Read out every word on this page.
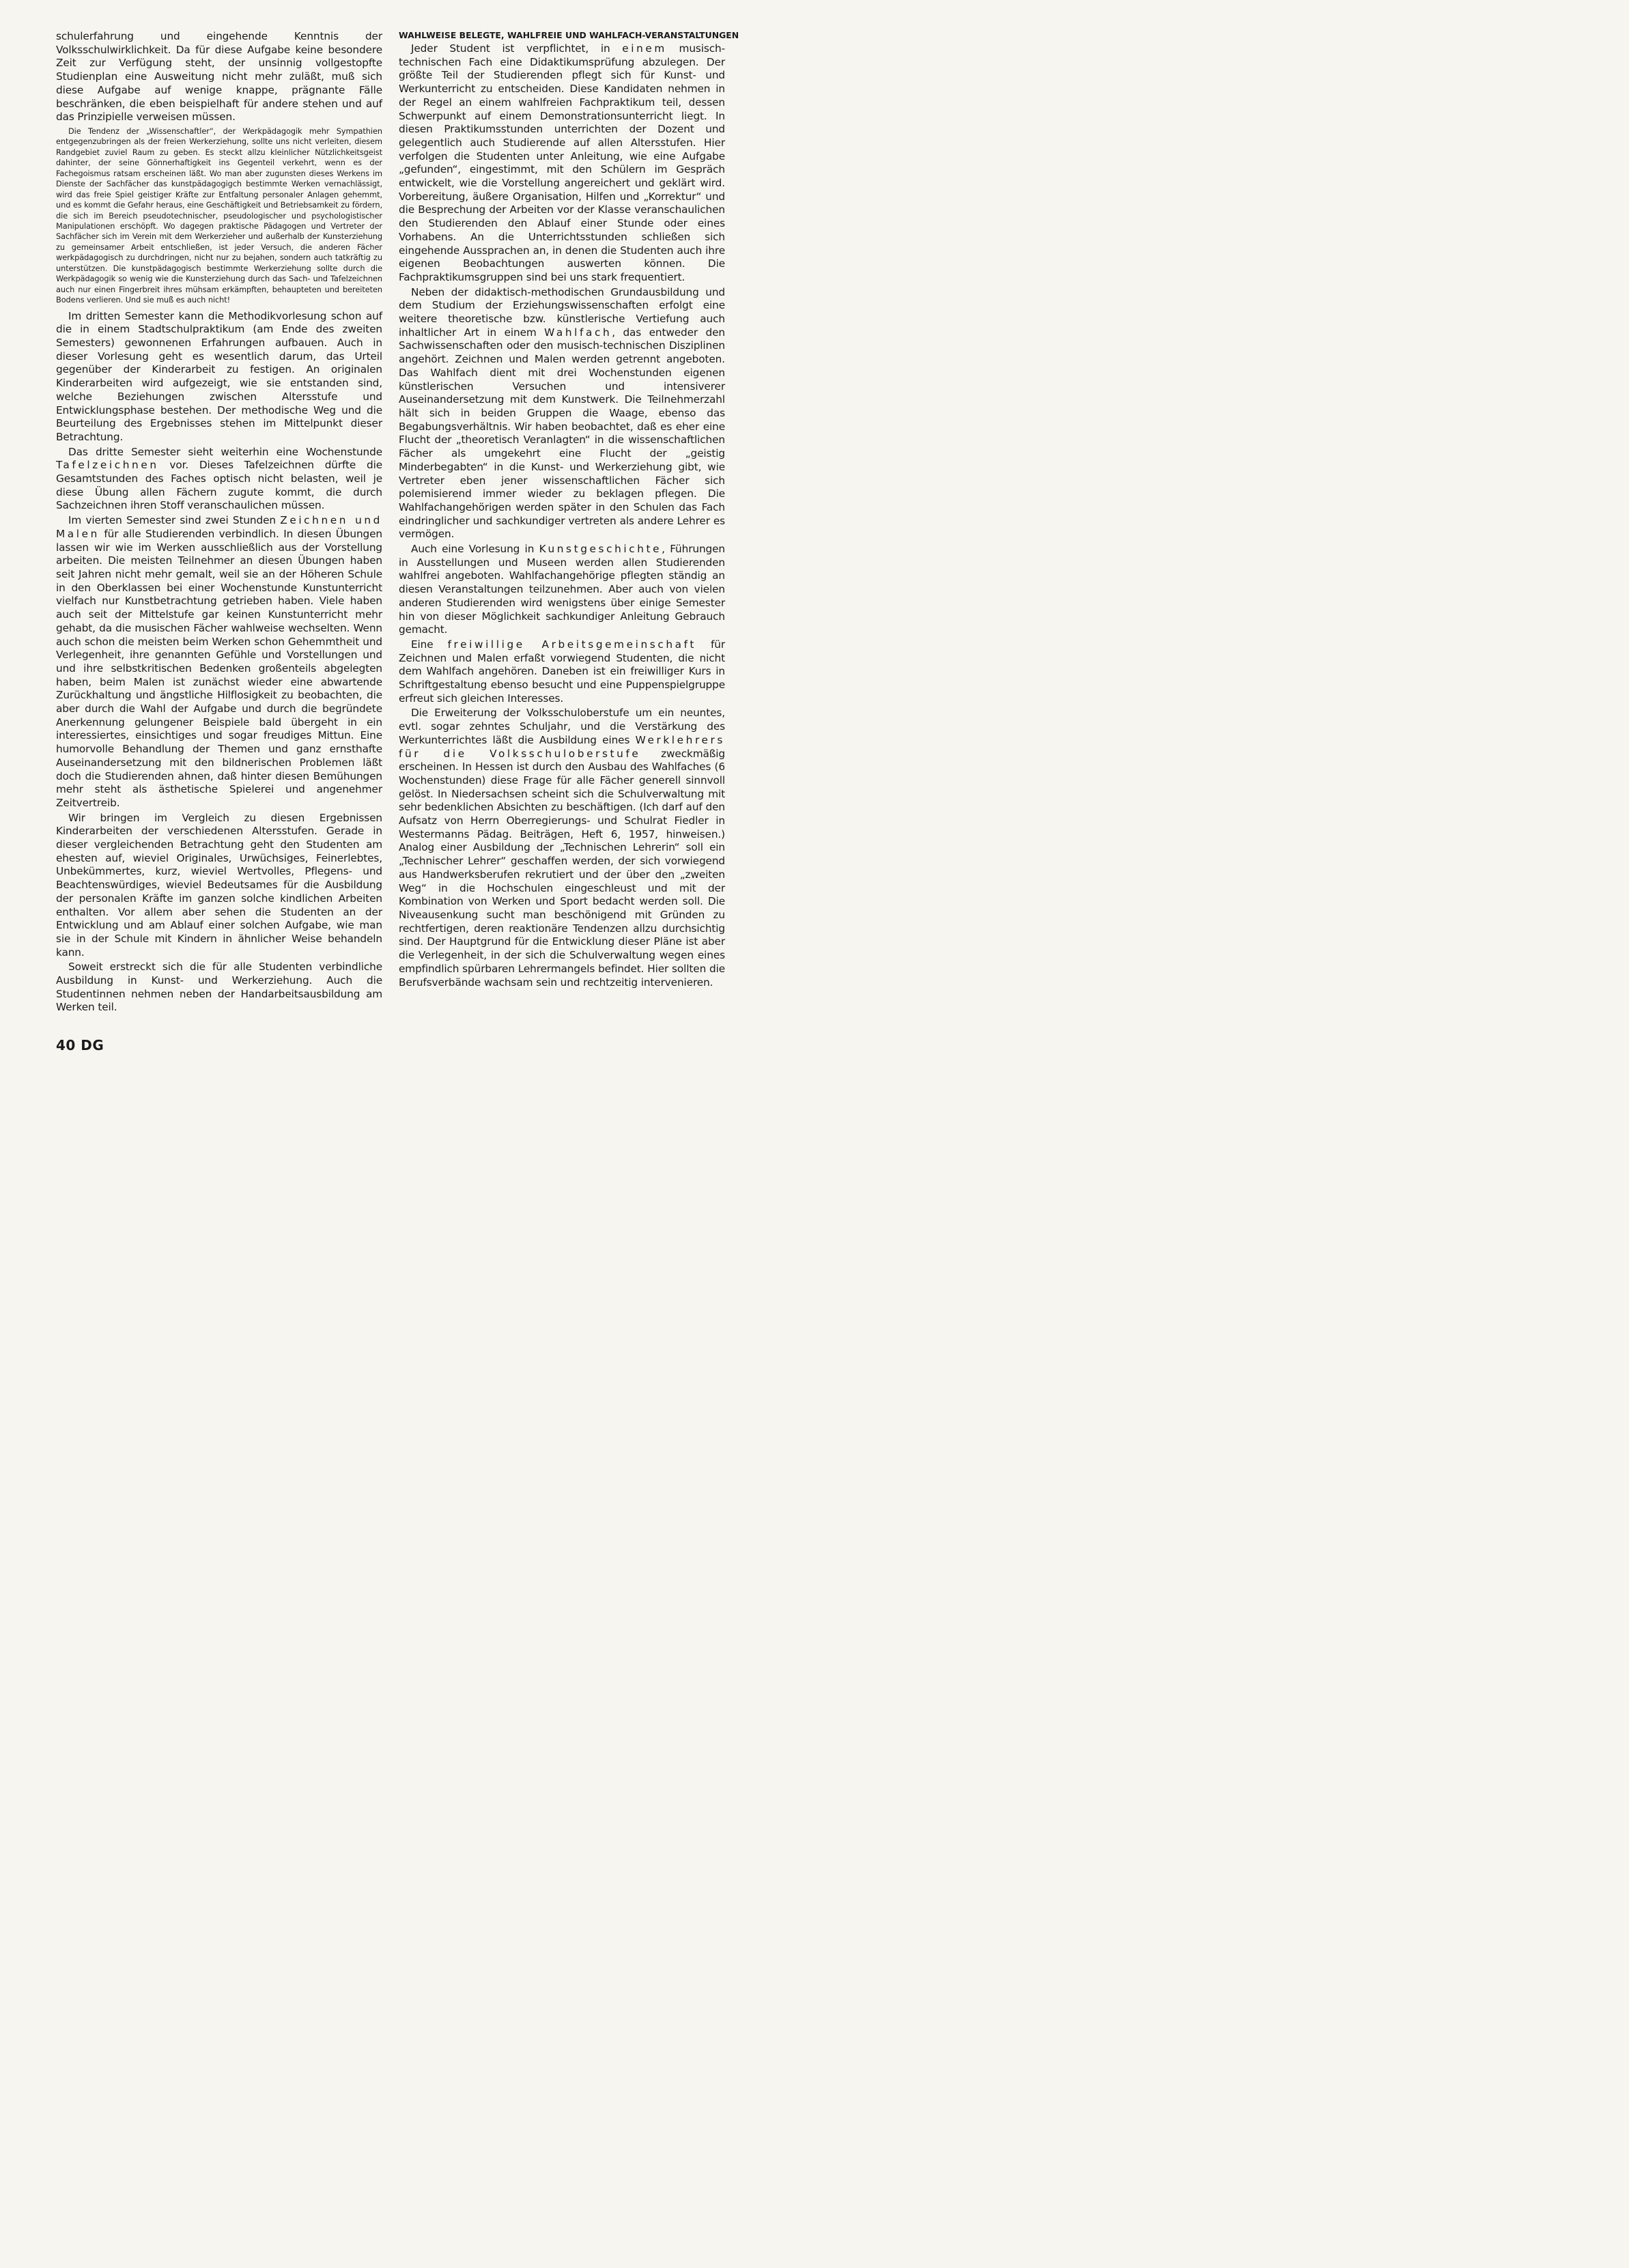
schulerfahrung und eingehende Kenntnis der Volksschulwirklichkeit. Da für diese Aufgabe keine besondere Zeit zur Verfügung steht, der unsinnig vollgestopfte Studienplan eine Ausweitung nicht mehr zuläßt, muß sich diese Aufgabe auf wenige knappe, prägnante Fälle beschränken, die eben beispielhaft für andere stehen und auf das Prinzipielle verweisen müssen.

Die Tendenz der „Wissenschaftler“, der Werkpädagogik mehr Sympathien entgegenzubringen als der freien Werkerziehung, sollte uns nicht verleiten, diesem Randgebiet zuviel Raum zu geben. Es steckt allzu kleinlicher Nützlichkeitsgeist dahinter, der seine Gönnerhaftigkeit ins Gegenteil verkehrt, wenn es der Fachegoismus ratsam erscheinen läßt. Wo man aber zugunsten dieses Werkens im Dienste der Sachfächer das kunstpädagogigch bestimmte Werken vernachlässigt, wird das freie Spiel geistiger Kräfte zur Entfaltung personaler Anlagen gehemmt, und es kommt die Gefahr heraus, eine Geschäftigkeit und Betriebsamkeit zu fördern, die sich im Bereich pseudotechnischer, pseudologischer und psychologistischer Manipulationen erschöpft. Wo dagegen praktische Pädagogen und Vertreter der Sachfächer sich im Verein mit dem Werkerzieher und außerhalb der Kunsterziehung zu gemeinsamer Arbeit entschließen, ist jeder Versuch, die anderen Fächer werkpädagogisch zu durchdringen, nicht nur zu bejahen, sondern auch tatkräftig zu unterstützen. Die kunstpädagogisch bestimmte Werkerziehung sollte durch die Werkpädagogik so wenig wie die Kunsterziehung durch das Sach- und Tafelzeichnen auch nur einen Fingerbreit ihres mühsam erkämpften, behaupteten und bereiteten Bodens verlieren. Und sie muß es auch nicht!

Im dritten Semester kann die Methodikvorlesung schon auf die in einem Stadtschulpraktikum (am Ende des zweiten Semesters) gewonnenen Erfahrungen aufbauen. Auch in dieser Vorlesung geht es wesentlich darum, das Urteil gegenüber der Kinderarbeit zu festigen. An originalen Kinderarbeiten wird aufgezeigt, wie sie entstanden sind, welche Beziehungen zwischen Altersstufe und Entwicklungsphase bestehen. Der methodische Weg und die Beurteilung des Ergebnisses stehen im Mittelpunkt dieser Betrachtung.

Das dritte Semester sieht weiterhin eine Wochenstunde Tafelzeichnen vor. Dieses Tafelzeichnen dürfte die Gesamtstunden des Faches optisch nicht belasten, weil je diese Übung allen Fächern zugute kommt, die durch Sachzeichnen ihren Stoff veranschaulichen müssen.

Im vierten Semester sind zwei Stunden Zeichnen und Malen für alle Studierenden verbindlich. In diesen Übungen lassen wir wie im Werken ausschließlich aus der Vorstellung arbeiten. Die meisten Teilnehmer an diesen Übungen haben seit Jahren nicht mehr gemalt, weil sie an der Höheren Schule in den Oberklassen bei einer Wochenstunde Kunstunterricht vielfach nur Kunstbetrachtung getrieben haben. Viele haben auch seit der Mittelstufe gar keinen Kunstunterricht mehr gehabt, da die musischen Fächer wahlweise wechselten. Wenn auch schon die meisten beim Werken schon Gehemmtheit und Verlegenheit, ihre genannten Gefühle und Vorstellungen und und ihre selbstkritischen Bedenken großenteils abgelegten haben, beim Malen ist zunächst wieder eine abwartende Zurückhaltung und ängstliche Hilflosigkeit zu beobachten, die aber durch die Wahl der Aufgabe und durch die begründete Anerkennung gelungener Beispiele bald übergeht in ein interessiertes, einsichtiges und sogar freudiges Mittun. Eine humorvolle Behandlung der Themen und ganz ernsthafte Auseinandersetzung mit den bildnerischen Problemen läßt doch die Studierenden ahnen, daß hinter diesen Bemühungen mehr steht als ästhetische Spielerei und angenehmer Zeitvertreib.

Wir bringen im Vergleich zu diesen Ergebnissen Kinderarbeiten der verschiedenen Altersstufen. Gerade in dieser vergleichenden Betrachtung geht den Studenten am ehesten auf, wieviel Originales, Urwüchsiges, Feinerlebtes, Unbekümmertes, kurz, wieviel Wertvolles, Pflegens- und Beachtenswürdiges, wieviel Bedeutsames für die Ausbildung der personalen Kräfte im ganzen solche kindlichen Arbeiten enthalten. Vor allem aber sehen die Studenten an der Entwicklung und am Ablauf einer solchen Aufgabe, wie man sie in der Schule mit Kindern in ähnlicher Weise behandeln kann.

Soweit erstreckt sich die für alle Studenten verbindliche Ausbildung in Kunst- und Werkerziehung. Auch die Studentinnen nehmen neben der Handarbeitsausbildung am Werken teil.

WAHLWEISE BELEGTE, WAHLFREIE UND WAHLFACH-VERANSTALTUNGEN

Jeder Student ist verpflichtet, in einem musisch-technischen Fach eine Didaktikumsprüfung abzulegen. Der größte Teil der Studierenden pflegt sich für Kunst- und Werkunterricht zu entscheiden. Diese Kandidaten nehmen in der Regel an einem wahlfreien Fachpraktikum teil, dessen Schwerpunkt auf einem Demonstrationsunterricht liegt. In diesen Praktikumsstunden unterrichten der Dozent und gelegentlich auch Studierende auf allen Altersstufen. Hier verfolgen die Studenten unter Anleitung, wie eine Aufgabe „gefunden“, eingestimmt, mit den Schülern im Gespräch entwickelt, wie die Vorstellung angereichert und geklärt wird. Vorbereitung, äußere Organisation, Hilfen und „Korrektur“ und die Besprechung der Arbeiten vor der Klasse veranschaulichen den Studierenden den Ablauf einer Stunde oder eines Vorhabens. An die Unterrichtsstunden schließen sich eingehende Aussprachen an, in denen die Studenten auch ihre eigenen Beobachtungen auswerten können. Die Fachpraktikumsgruppen sind bei uns stark frequentiert.

Neben der didaktisch-methodischen Grundausbildung und dem Studium der Erziehungswissenschaften erfolgt eine weitere theoretische bzw. künstlerische Vertiefung auch inhaltlicher Art in einem Wahlfach, das entweder den Sachwissenschaften oder den musisch-technischen Disziplinen angehört. Zeichnen und Malen werden getrennt angeboten. Das Wahlfach dient mit drei Wochenstunden eigenen künstlerischen Versuchen und intensiverer Auseinandersetzung mit dem Kunstwerk. Die Teilnehmerzahl hält sich in beiden Gruppen die Waage, ebenso das Begabungsverhältnis. Wir haben beobachtet, daß es eher eine Flucht der „theoretisch Veranlagten“ in die wissenschaftlichen Fächer als umgekehrt eine Flucht der „geistig Minderbegabten“ in die Kunst- und Werkerziehung gibt, wie Vertreter eben jener wissenschaftlichen Fächer sich polemisierend immer wieder zu beklagen pflegen. Die Wahlfachangehörigen werden später in den Schulen das Fach eindringlicher und sachkundiger vertreten als andere Lehrer es vermögen.

Auch eine Vorlesung in Kunstgeschichte, Führungen in Ausstellungen und Museen werden allen Studierenden wahlfrei angeboten. Wahlfachangehörige pflegten ständig an diesen Veranstaltungen teilzunehmen. Aber auch von vielen anderen Studierenden wird wenigstens über einige Semester hin von dieser Möglichkeit sachkundiger Anleitung Gebrauch gemacht.

Eine freiwillige Arbeitsgemeinschaft für Zeichnen und Malen erfaßt vorwiegend Studenten, die nicht dem Wahlfach angehören. Daneben ist ein freiwilliger Kurs in Schriftgestaltung ebenso besucht und eine Puppenspielgruppe erfreut sich gleichen Interesses.

Die Erweiterung der Volksschuloberstufe um ein neuntes, evtl. sogar zehntes Schuljahr, und die Verstärkung des Werkunterrichtes läßt die Ausbildung eines Werklehrers für die Volksschuloberstufe zweckmäßig erscheinen. In Hessen ist durch den Ausbau des Wahlfaches (6 Wochenstunden) diese Frage für alle Fächer generell sinnvoll gelöst. In Niedersachsen scheint sich die Schulverwaltung mit sehr bedenklichen Absichten zu beschäftigen. (Ich darf auf den Aufsatz von Herrn Oberregierungs- und Schulrat Fiedler in Westermanns Pädag. Beiträgen, Heft 6, 1957, hinweisen.) Analog einer Ausbildung der „Technischen Lehrerin“ soll ein „Technischer Lehrer“ geschaffen werden, der sich vorwiegend aus Handwerksberufen rekrutiert und der über den „zweiten Weg“ in die Hochschulen eingeschleust und mit der Kombination von Werken und Sport bedacht werden soll. Die Niveausenkung sucht man beschönigend mit Gründen zu rechtfertigen, deren reaktionäre Tendenzen allzu durchsichtig sind. Der Hauptgrund für die Entwicklung dieser Pläne ist aber die Verlegenheit, in der sich die Schulverwaltung wegen eines empfindlich spürbaren Lehrermangels befindet. Hier sollten die Berufsverbände wachsam sein und rechtzeitig intervenieren.

40 DG
